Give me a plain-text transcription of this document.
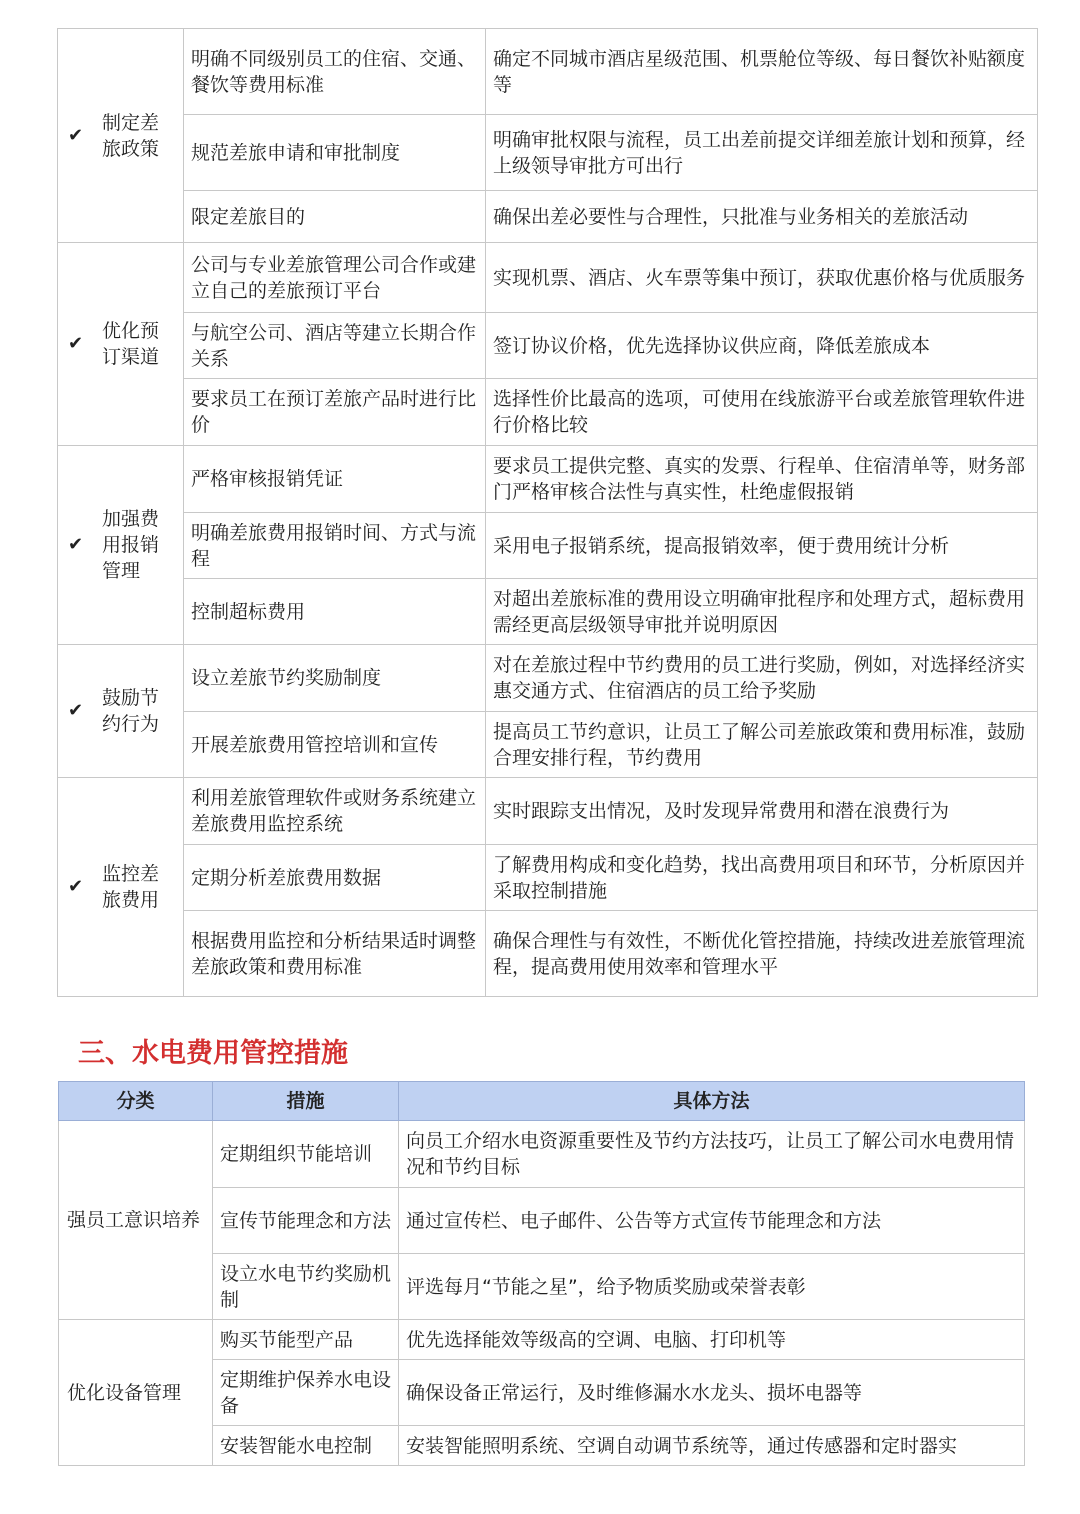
✔
制定差旅政策	明确不同级别员工的住宿、交通、餐饮等费用标准	确定不同城市酒店星级范围、机票舱位等级、每日餐饮补贴额度等
	规范差旅申请和审批制度	明确审批权限与流程，员工出差前提交详细差旅计划和预算，经上级领导审批方可出行
	限定差旅目的	确保出差必要性与合理性，只批准与业务相关的差旅活动

✔
优化预订渠道	公司与专业差旅管理公司合作或建立自己的差旅预订平台	实现机票、酒店、火车票等集中预订，获取优惠价格与优质服务
	与航空公司、酒店等建立长期合作关系	签订协议价格，优先选择协议供应商，降低差旅成本
	要求员工在预订差旅产品时进行比价	选择性价比最高的选项，可使用在线旅游平台或差旅管理软件进行价格比较

✔
加强费用报销管理	严格审核报销凭证	要求员工提供完整、真实的发票、行程单、住宿清单等，财务部门严格审核合法性与真实性，杜绝虚假报销
	明确差旅费用报销时间、方式与流程	采用电子报销系统，提高报销效率，便于费用统计分析
	控制超标费用	对超出差旅标准的费用设立明确审批程序和处理方式，超标费用需经更高层级领导审批并说明原因

✔
鼓励节约行为	设立差旅节约奖励制度	对在差旅过程中节约费用的员工进行奖励，例如，对选择经济实惠交通方式、住宿酒店的员工给予奖励
	开展差旅费用管控培训和宣传	提高员工节约意识，让员工了解公司差旅政策和费用标准，鼓励合理安排行程，节约费用

✔
监控差旅费用	利用差旅管理软件或财务系统建立差旅费用监控系统	实时跟踪支出情况，及时发现异常费用和潜在浪费行为
	定期分析差旅费用数据	了解费用构成和变化趋势，找出高费用项目和环节，分析原因并采取控制措施
	根据费用监控和分析结果适时调整差旅政策和费用标准	确保合理性与有效性，不断优化管控措施，持续改进差旅管理流程，提高费用使用效率和管理水平
三、水电费用管控措施
分类	措施	具体方法
强员工意识培养	定期组织节能培训	向员工介绍水电资源重要性及节约方法技巧，让员工了解公司水电费用情况和节约目标
	宣传节能理念和方法	通过宣传栏、电子邮件、公告等方式宣传节能理念和方法
	设立水电节约奖励机制	评选每月“节能之星”，给予物质奖励或荣誉表彰
优化设备管理	购买节能型产品	优先选择能效等级高的空调、电脑、打印机等
	定期维护保养水电设备	确保设备正常运行，及时维修漏水水龙头、损坏电器等
	安装智能水电控制	安装智能照明系统、空调自动调节系统等，通过传感器和定时器实
